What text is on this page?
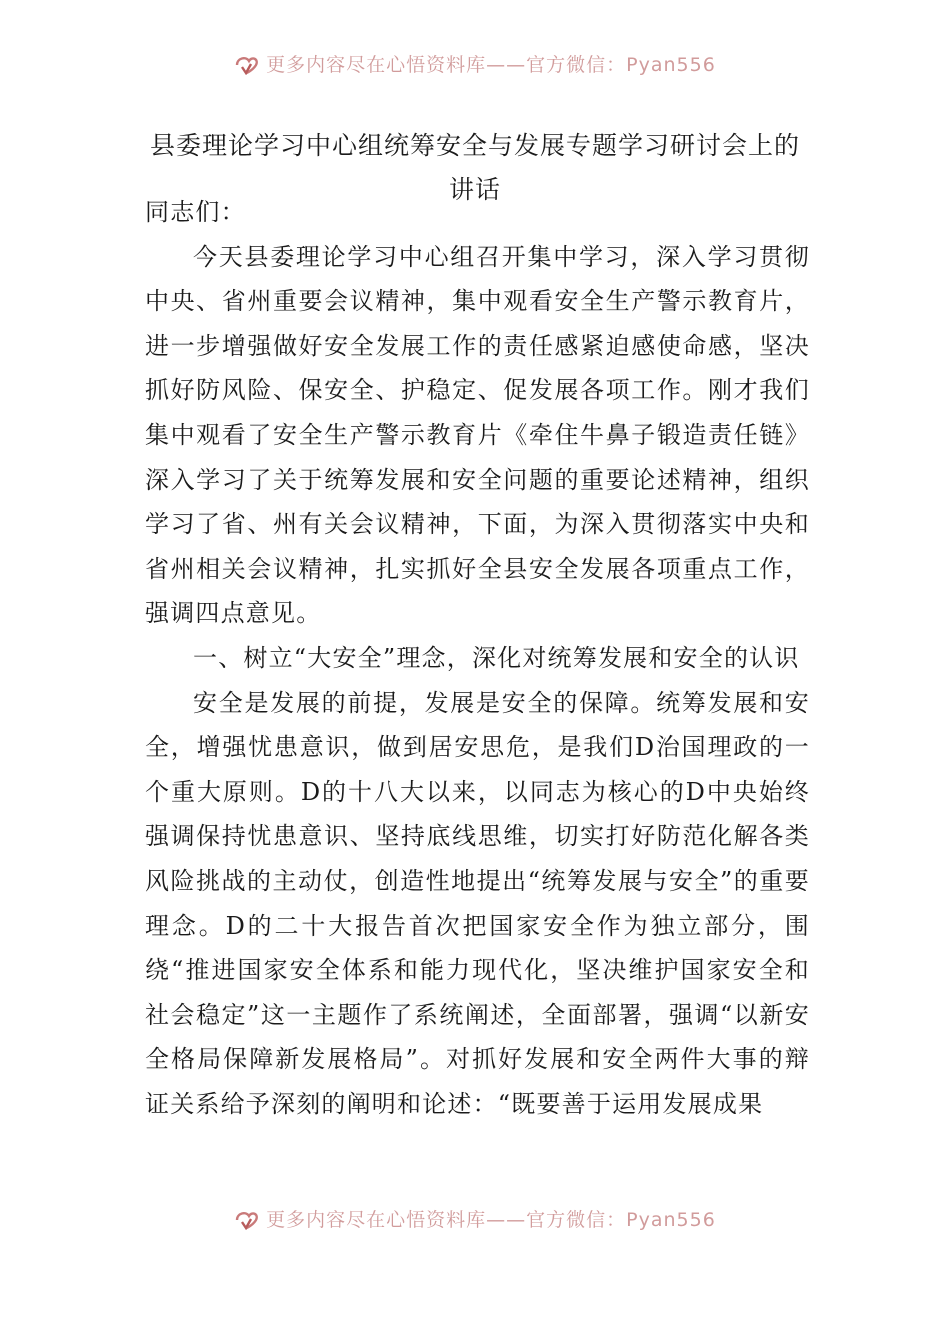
更多内容尽在心悟资料库——官方微信：Pyan556
县委理论学习中心组统筹安全与发展专题学习研讨会上的讲话

同志们：

今天县委理论学习中心组召开集中学习，深入学习贯彻中央、省州重要会议精神，集中观看安全生产警示教育片，进一步增强做好安全发展工作的责任感紧迫感使命感，坚决抓好防风险、保安全、护稳定、促发展各项工作。刚才我们集中观看了安全生产警示教育片《牵住牛鼻子锻造责任链》深入学习了关于统筹发展和安全问题的重要论述精神，组织学习了省、州有关会议精神，下面，为深入贯彻落实中央和省州相关会议精神，扎实抓好全县安全发展各项重点工作，强调四点意见。

一、树立“大安全”理念，深化对统筹发展和安全的认识

安全是发展的前提，发展是安全的保障。统筹发展和安全，增强忧患意识，做到居安思危，是我们D治国理政的一个重大原则。D的十八大以来，以同志为核心的D中央始终强调保持忧患意识、坚持底线思维，切实打好防范化解各类风险挑战的主动仗，创造性地提出“统筹发展与安全”的重要理念。D的二十大报告首次把国家安全作为独立部分，围绕“推进国家安全体系和能力现代化，坚决维护国家安全和社会稳定”这一主题作了系统阐述，全面部署，强调“以新安全格局保障新发展格局”。对抓好发展和安全两件大事的辩证关系给予深刻的阐明和论述：“既要善于运用发展成果

更多内容尽在心悟资料库——官方微信：Pyan556
